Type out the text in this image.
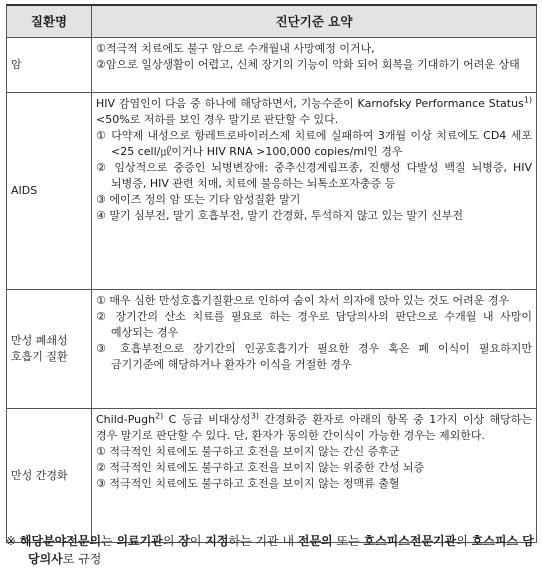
질환명	진단기준 요약
암	①적극적 치료에도 불구 암으로 수개월내 사망예정 이거나,

②암으로 일상생활이 어렵고, 신체 장기의 기능이 악화 되어 회복을 기대하기 어려운 상태

AIDS	HIV 감염인이 다음 중 하나에 해당하면서, 기능수준이 Karnofsky Performance Status$^{1)}$ <50%로 저하를 보인 경우 말기로 판단할 수 있다.

① 다약제 내성으로 항레트로바이러스제 치료에 실패하여 3개월 이상 치료에도 CD4 세포 <25 cell/㎕이거나 HIV RNA >100,000 copies/ml인 경우

② 임상적으로 중증인 뇌병변장애: 중추신경계림프종, 진행성 다발성 백질 뇌병증, HIV 뇌병증, HIV 관련 치매, 치료에 불응하는 뇌톡소포자충증 등

③ 에이즈 정의 암 또는 기타 암성질환 말기

④ 말기 심부전, 말기 호흡부전, 말기 간경화, 투석하지 않고 있는 말기 신부전

만성 폐쇄성 호흡기 질환	① 매우 심한 만성호흡기질환으로 인하여 숨이 차서 의자에 앉아 있는 것도 어려운 경우

② 장기간의 산소 치료를 필요로 하는 경우로 담당의사의 판단으로 수개월 내 사망이 예상되는 경우

③ 호흡부전으로 장기간의 인공호흡기가 필요한 경우 혹은 폐 이식이 필요하지만 금기기준에 해당하거나 환자가 이식을 거절한 경우

만성 간경화	Child-Pugh$^{2)}$ C 등급 비대상성$^{3)}$ 간경화증 환자로 아래의 항목 중 1가지 이상 해당하는 경우 말기로 판단할 수 있다. 단, 환자가 동의한 간이식이 가능한 경우는 제외한다.

① 적극적인 치료에도 불구하고 호전을 보이지 않는 간신 증후군

② 적극적인 치료에도 불구하고 호전을 보이지 않는 위중한 간성 뇌증

③ 적극적인 치료에도 불구하고 호전을 보이지 않는 정맥류 출혈

※ 해당분야전문의는 의료기관의 장이 지정하는 기관 내 전문의 또는 호스피스전문기관의 호스피스 담당의사로 규정
